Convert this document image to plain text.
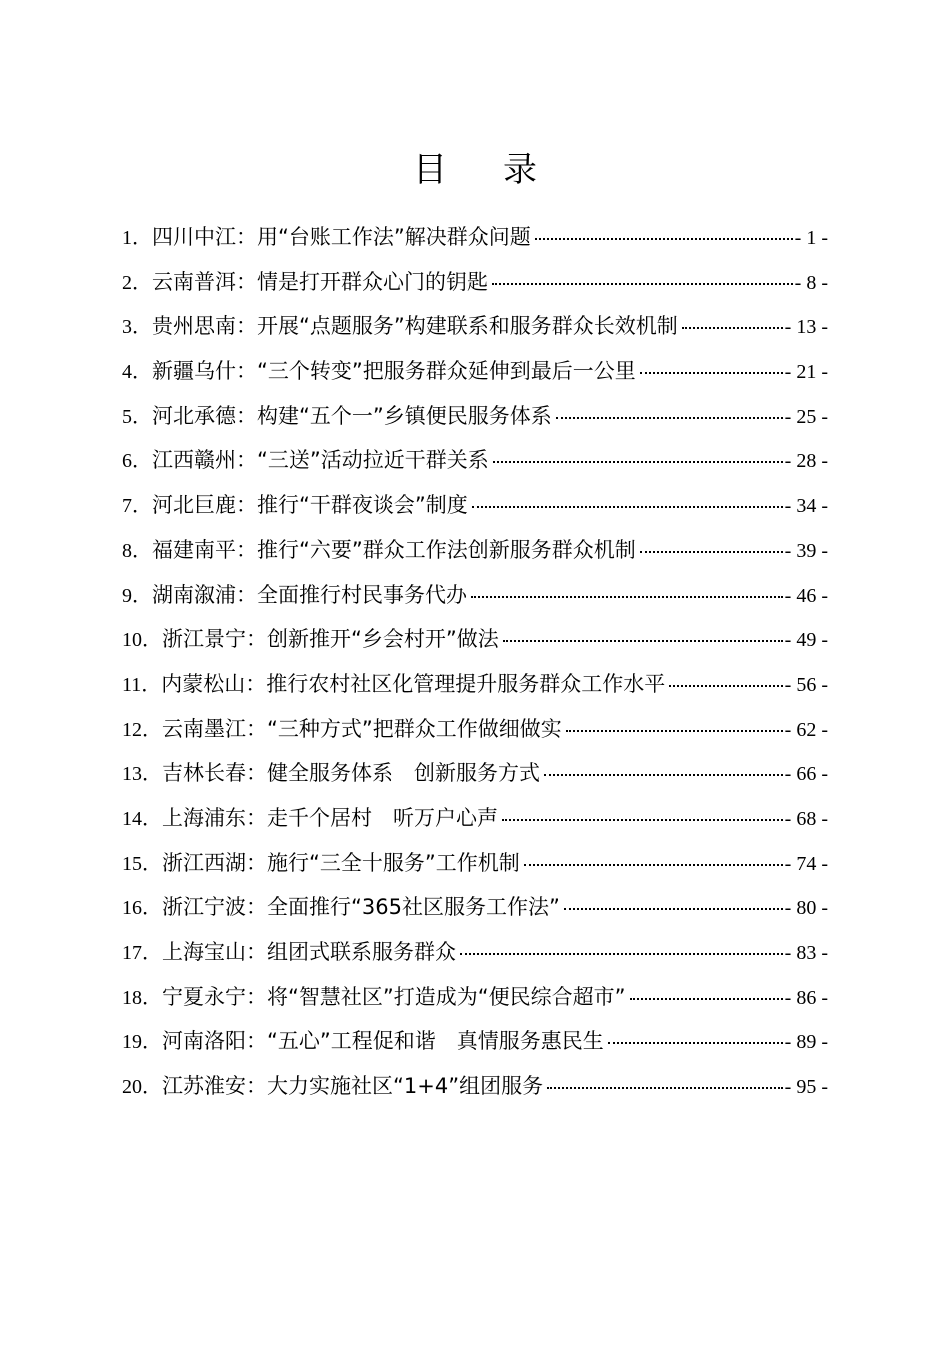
目录
1．四川中江：用“台账工作法”解决群众问题	- 1 -
2．云南普洱：情是打开群众心门的钥匙	- 8 -
3．贵州思南：开展“点题服务”构建联系和服务群众长效机制	- 13 -
4．新疆乌什：“三个转变”把服务群众延伸到最后一公里	- 21 -
5．河北承德：构建“五个一”乡镇便民服务体系	- 25 -
6．江西赣州：“三送”活动拉近干群关系	- 28 -
7．河北巨鹿：推行“干群夜谈会”制度	- 34 -
8．福建南平：推行“六要”群众工作法创新服务群众机制	- 39 -
9．湖南溆浦：全面推行村民事务代办	- 46 -
10．浙江景宁：创新推开“乡会村开”做法	- 49 -
11．内蒙松山：推行农村社区化管理提升服务群众工作水平	- 56 -
12．云南墨江：“三种方式”把群众工作做细做实	- 62 -
13．吉林长春：健全服务体系　创新服务方式	- 66 -
14．上海浦东：走千个居村　听万户心声	- 68 -
15．浙江西湖：施行“三全十服务”工作机制	- 74 -
16．浙江宁波：全面推行“365社区服务工作法”	- 80 -
17．上海宝山：组团式联系服务群众	- 83 -
18．宁夏永宁：将“智慧社区”打造成为“便民综合超市”	- 86 -
19．河南洛阳：“五心”工程促和谐　真情服务惠民生	- 89 -
20．江苏淮安：大力实施社区“1+4”组团服务	- 95 -
